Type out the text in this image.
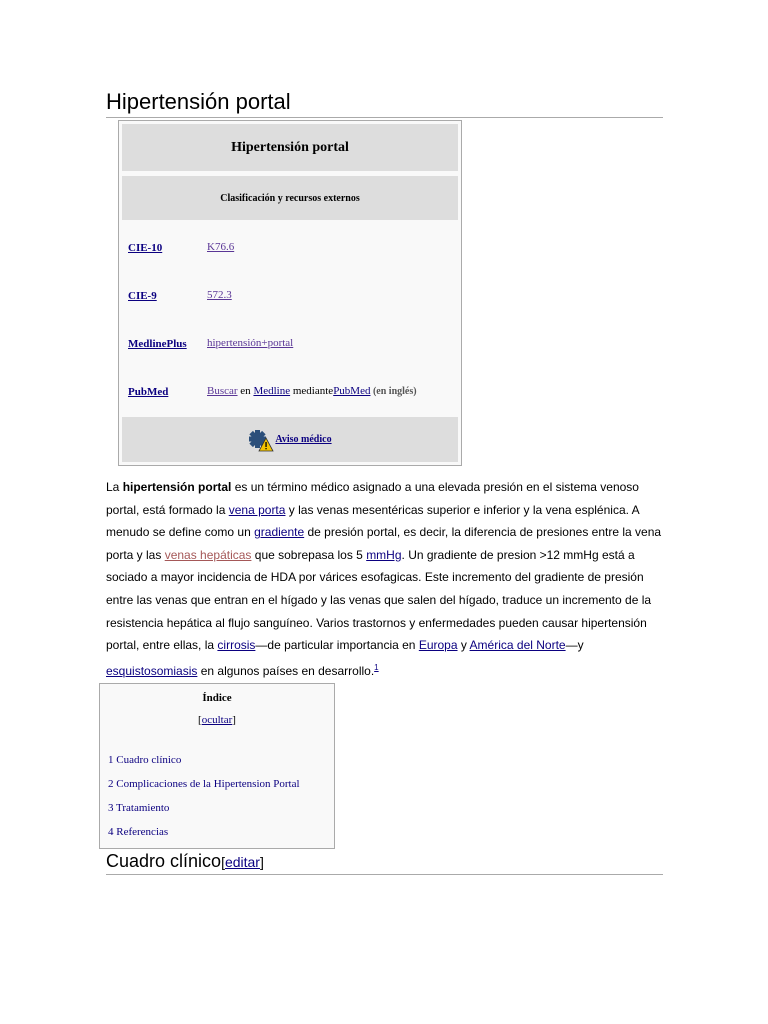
Hipertensión portal
Hipertensión portal
Clasificación y recursos externos
CIE-10	K76.6
CIE-9	572.3
MedlinePlus hipertensión+portal
PubMed	Buscar en Medline mediantePubMed (en inglés)
Aviso médico
La hipertensión portal es un término médico asignado a una elevada presión en el sistema venoso portal, está formado la vena porta y las venas mesentéricas superior e inferior y la vena esplénica. A menudo se define como un gradiente de presión portal, es decir, la diferencia de presiones entre la vena porta y las venas hepáticas que sobrepasa los 5 mmHg. Un gradiente de presion >12 mmHg está a sociado a mayor incidencia de HDA por várices esofagicas. Este incremento del gradiente de presión entre las venas que entran en el hígado y las venas que salen del hígado, traduce un incremento de la resistencia hepática al flujo sanguíneo. Varios trastornos y enfermedades pueden causar hipertensión portal, entre ellas, la cirrosis—de particular importancia en Europa y América del Norte—y esquistosomiasis en algunos países en desarrollo.$^1$
Índice
[ocultar]
1 Cuadro clínico
2 Complicaciones de la Hipertension Portal
3 Tratamiento
4 Referencias
Cuadro clínico[editar]
